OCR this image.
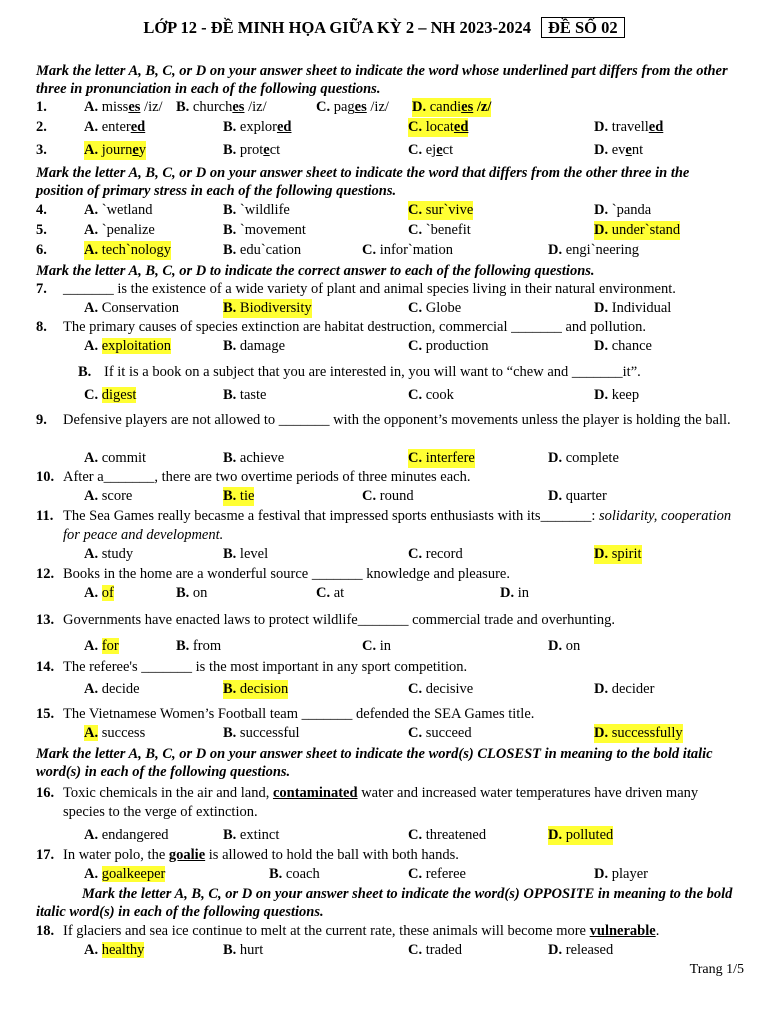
LỚP 12 - ĐỀ MINH HỌA GIỮA KỲ 2 – NH 2023-2024 ĐỀ SỐ 02
Mark the letter A, B, C, or D on your answer sheet to indicate the word whose underlined part differs from the other three in pronunciation in each of the following questions.
1.	A. misses /iz/ B. churches /iz/	C. pages /iz/ D. candies /z/
2.	A. entered	B. explored	C. located	D. travelled
3.	A. journey	B. protect	C. eject	D. event
Mark the letter A, B, C, or D on your answer sheet to indicate the word that differs from the other three in the position of primary stress in each of the following questions.
4.	A. `wetland	B. `wildlife	C. sur`vive	D. `panda
5.	A. `penalize	B. `movement	C. `benefit	D. under`stand
6.	A. tech`nology	B. edu`cation	C. infor`mation	D. engi`neering
Mark the letter A, B, C, or D to indicate the correct answer to each of the following questions.
7. _______ is the existence of a wide variety of plant and animal species living in their natural environment.
A. Conservation	B. Biodiversity	C. Globe	D. Individual
8. The primary causes of species extinction are habitat destruction, commercial _______ and pollution.
A. exploitation	B. damage	C. production	D. chance
B. If it is a book on a subject that you are interested in, you will want to “chew and _______it”.
C. digest	B. taste	C. cook	D. keep
9. Defensive players are not allowed to _______ with the opponent’s movements unless the player is holding the ball.
A. commit	B. achieve	C. interfere	D. complete
10. After a_______, there are two overtime periods of three minutes each.
A. score	B. tie	C. round	D. quarter
11. The Sea Games really becasme a festival that impressed sports enthusiasts with its_______: solidarity, cooperation for peace and development.
A. study	B. level	C. record	D. spirit
12. Books in the home are a wonderful source _______ knowledge and pleasure.
A. of	B. on	C. at	D. in
13. Governments have enacted laws to protect wildlife_______ commercial trade and overhunting.
A. for	B. from	C. in	D. on
14. The referee's _______ is the most important in any sport competition.
A. decide	B. decision	C. decisive	D. decider
15. The Vietnamese Women’s Football team _______ defended the SEA Games title.
A. success	B. successful	C. succeed	D. successfully
Mark the letter A, B, C, or D on your answer sheet to indicate the word(s) CLOSEST in meaning to the bold italic word(s) in each of the following questions.
16. Toxic chemicals in the air and land, contaminated water and increased water temperatures have driven many species to the verge of extinction.
A. endangered	B. extinct	C. threatened	D. polluted
17. In water polo, the goalie is allowed to hold the ball with both hands.
A. goalkeeper	B. coach	C. referee	D. player
Mark the letter A, B, C, or D on your answer sheet to indicate the word(s) OPPOSITE in meaning to the bold italic word(s) in each of the following questions.
18. If glaciers and sea ice continue to melt at the current rate, these animals will become more vulnerable.
A. healthy	B. hurt	C. traded	D. released
Trang 1/5
